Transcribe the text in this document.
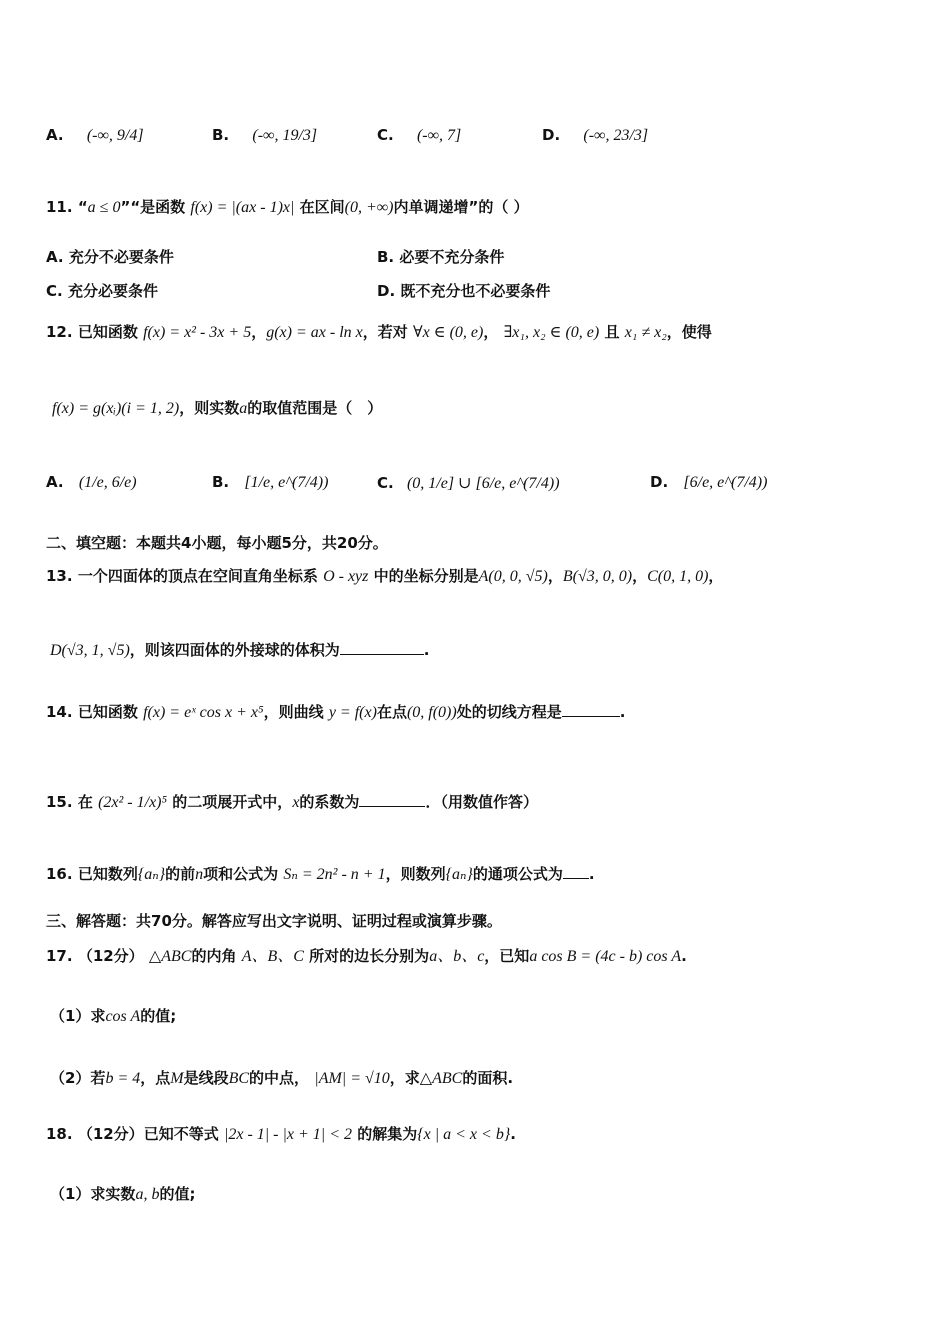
A. (-∞, 9/4]	B. (-∞, 19/3]	C. (-∞, 7]	D. (-∞, 23/3]
11. “a ≤ 0”“是函数 f(x) = |(ax - 1)x| 在区间(0, +∞)内单调递增”的（ ）
A. 充分不必要条件	B. 必要不充分条件
C. 充分必要条件	D. 既不充分也不必要条件
12. 已知函数 f(x) = x² - 3x + 5，g(x) = ax - ln x，若对 ∀x ∈ (0, e)， ∃x₁, x₂ ∈ (0, e) 且 x₁ ≠ x₂，使得
f(x) = g(xᵢ)(i = 1, 2)，则实数a的取值范围是（　）
A. (1/e, 6/e)	B. [1/e, e^(7/4))	C. (0, 1/e] ∪ [6/e, e^(7/4))	D. [6/e, e^(7/4))
二、填空题：本题共4小题，每小题5分，共20分。
13. 一个四面体的顶点在空间直角坐标系 O - xyz 中的坐标分别是A(0, 0, √5)，B(√3, 0, 0)，C(0, 1, 0)，
D(√3, 1, √5)，则该四面体的外接球的体积为	.
14. 已知函数 f(x) = eˣ cos x + x⁵，则曲线 y = f(x)在点(0, f(0))处的切线方程是	.
15. 在 (2x² - 1/x)⁵ 的二项展开式中，x的系数为	．（用数值作答）
16. 已知数列{aₙ}的前n项和公式为 Sₙ = 2n² - n + 1，则数列{aₙ}的通项公式为 .
三、解答题：共70分。解答应写出文字说明、证明过程或演算步骤。
17. （12分） △ABC的内角 A、B、C 所对的边长分别为a、b、c，已知a cos B = (4c - b) cos A.
（1）求cos A的值;
（2）若b = 4，点M是线段BC的中点， |AM| = √10，求△ABC的面积.
18. （12分）已知不等式 |2x - 1| - |x + 1| < 2 的解集为{x | a < x < b}.
（1）求实数a, b的值;
